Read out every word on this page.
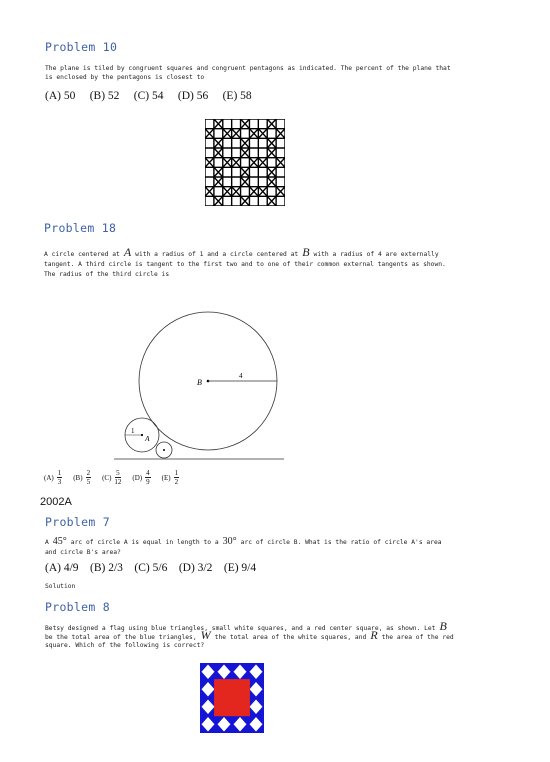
Problem 10
The plane is tiled by congruent squares and congruent pentagons as indicated. The percent of the plane that
is enclosed by the pentagons is closest to
(A) 50     (B) 52     (C) 54     (D) 56     (E) 58
Problem 18
A circle centered at A with a radius of 1 and a circle centered at B with a radius of 4 are externally
tangent. A third circle is tangent to the first two and to one of their common external tangents as shown.
The radius of the third circle is
B
4
1
A
$(A) \frac{1}{3} (B) \frac{2}{5} (C) \frac{5}{12} (D) \frac{4}{9} (E) \frac{1}{2}$
2002A
Problem 7
A 45° arc of circle A is equal in length to a 30° arc of circle B. What is the ratio of circle A's area
and circle B's area?
(A) 4/9    (B) 2/3    (C) 5/6    (D) 3/2    (E) 9/4
Solution
Problem 8
Betsy designed a flag using blue triangles, small white squares, and a red center square, as shown. Let B
be the total area of the blue triangles, W the total area of the white squares, and R the area of the red
square. Which of the following is correct?
